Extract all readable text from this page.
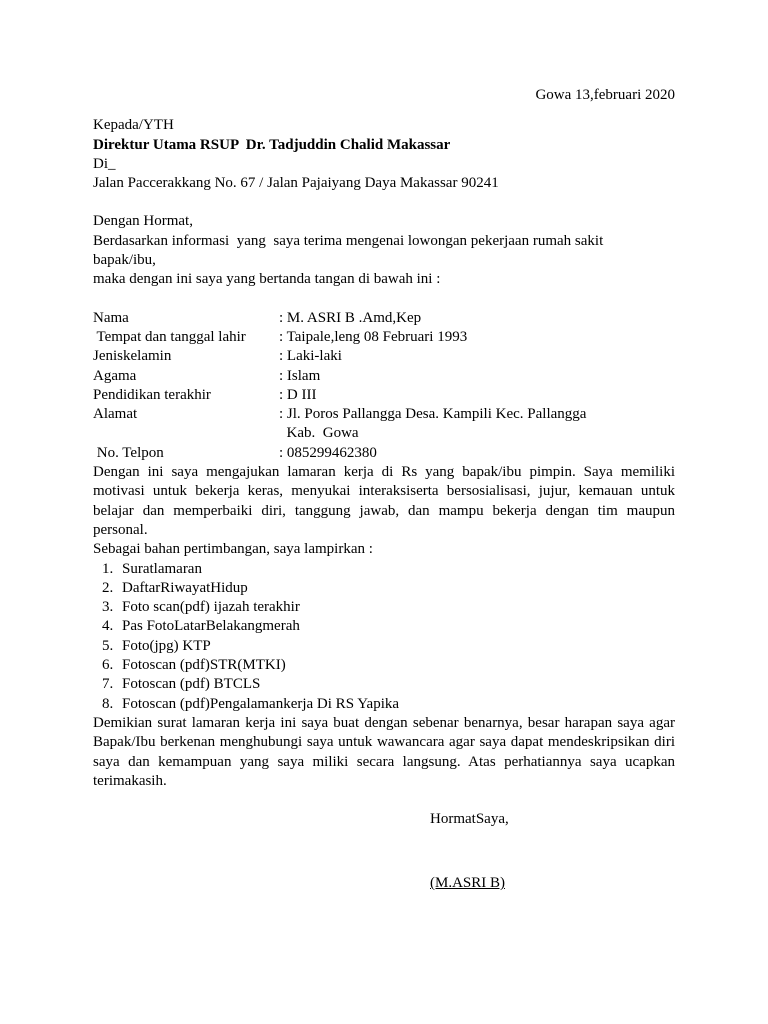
Gowa 13,februari 2020
Kepada/YTH
Direktur Utama RSUP  Dr. Tadjuddin Chalid Makassar
Di_
Jalan Paccerakkang No. 67 / Jalan Pajaiyang Daya Makassar 90241
Dengan Hormat,
Berdasarkan informasi  yang  saya terima mengenai lowongan pekerjaan rumah sakit
bapak/ibu,
maka dengan ini saya yang bertanda tangan di bawah ini :
Nama	: M. ASRI B .Amd,Kep
Tempat dan tanggal lahir	: Taipale,leng 08 Februari 1993
Jeniskelamin	: Laki-laki
Agama	: Islam
Pendidikan terakhir	: D III
Alamat	: Jl. Poros Pallangga Desa. Kampili Kec. Pallangga
Kab.  Gowa
No. Telpon	: 085299462380
Dengan ini saya mengajukan lamaran kerja di Rs yang bapak/ibu pimpin. Saya memiliki motivasi untuk bekerja keras, menyukai interaksiserta bersosialisasi, jujur, kemauan untuk belajar dan memperbaiki diri, tanggung jawab, dan mampu bekerja dengan tim maupun personal.
Sebagai bahan pertimbangan, saya lampirkan :
1. Suratlamaran
2. DaftarRiwayatHidup
3. Foto scan(pdf) ijazah terakhir
4. Pas FotoLatarBelakangmerah
5. Foto(jpg) KTP
6. Fotoscan (pdf)STR(MTKI)
7. Fotoscan (pdf) BTCLS
8. Fotoscan (pdf)Pengalamankerja Di RS Yapika
Demikian surat lamaran kerja ini saya buat dengan sebenar benarnya, besar harapan saya agar Bapak/Ibu berkenan menghubungi saya untuk wawancara agar saya dapat mendeskripsikan diri saya dan kemampuan yang saya miliki secara langsung. Atas perhatiannya saya ucapkan terimakasih.
HormatSaya,
(M.ASRI B)
